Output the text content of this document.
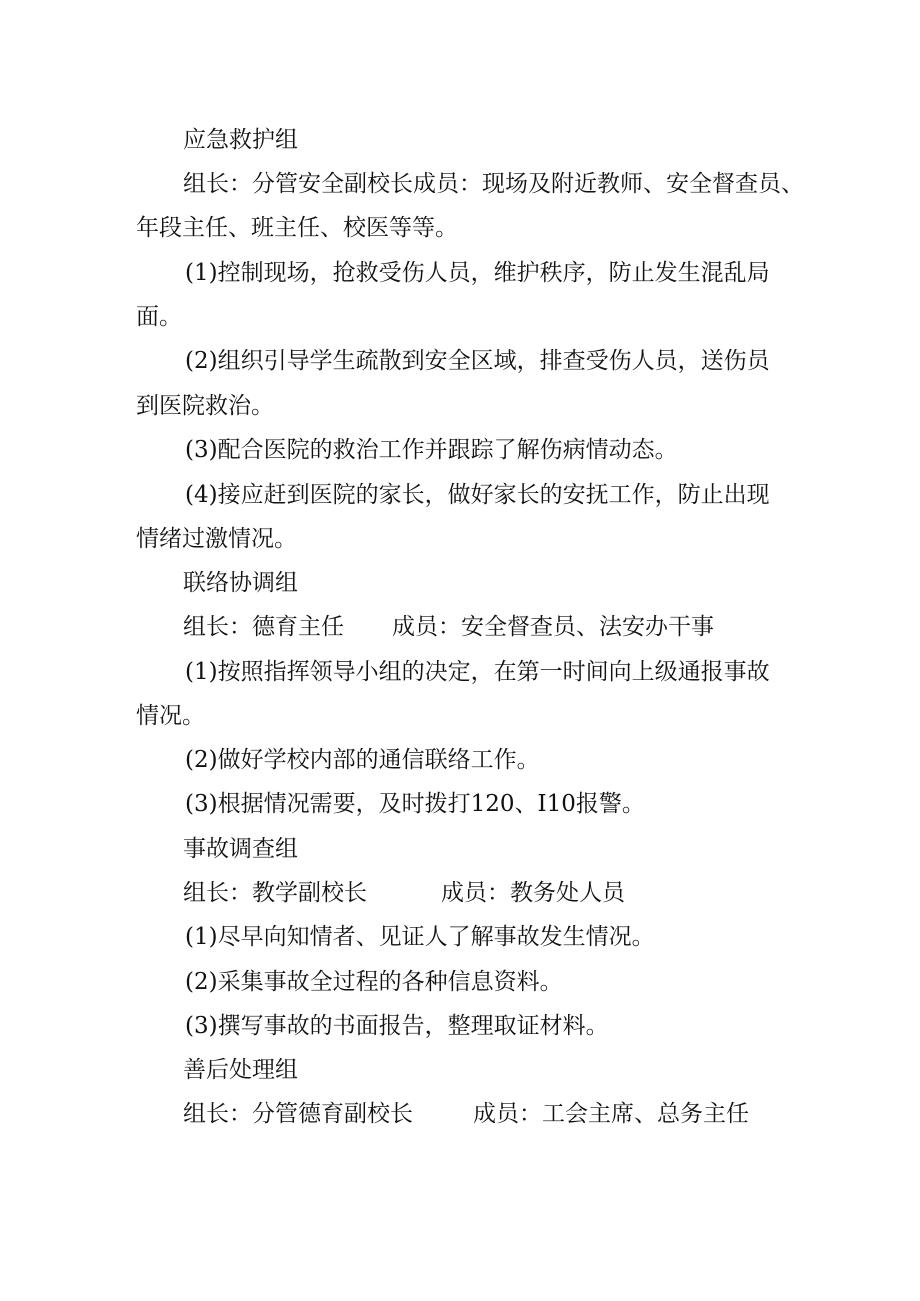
应急救护组
组长：分管安全副校长成员：现场及附近教师、安全督查员、
年段主任、班主任、校医等等。
(1)控制现场，抢救受伤人员，维护秩序，防止发生混乱局
面。
(2)组织引导学生疏散到安全区域，排查受伤人员，送伤员
到医院救治。
(3)配合医院的救治工作并跟踪了解伤病情动态。
(4)接应赶到医院的家长，做好家长的安抚工作，防止出现
情绪过激情况。
联络协调组
组长：德育主任 成员：安全督查员、法安办干事
(1)按照指挥领导小组的决定，在第一时间向上级通报事故
情况。
(2)做好学校内部的通信联络工作。
(3)根据情况需要，及时拨打120、I10报警。
事故调查组
组长：教学副校长	成员：教务处人员
(1)尽早向知情者、见证人了解事故发生情况。
(2)采集事故全过程的各种信息资料。
(3)撰写事故的书面报告，整理取证材料。
善后处理组
组长：分管德育副校长	成员：工会主席、总务主任
